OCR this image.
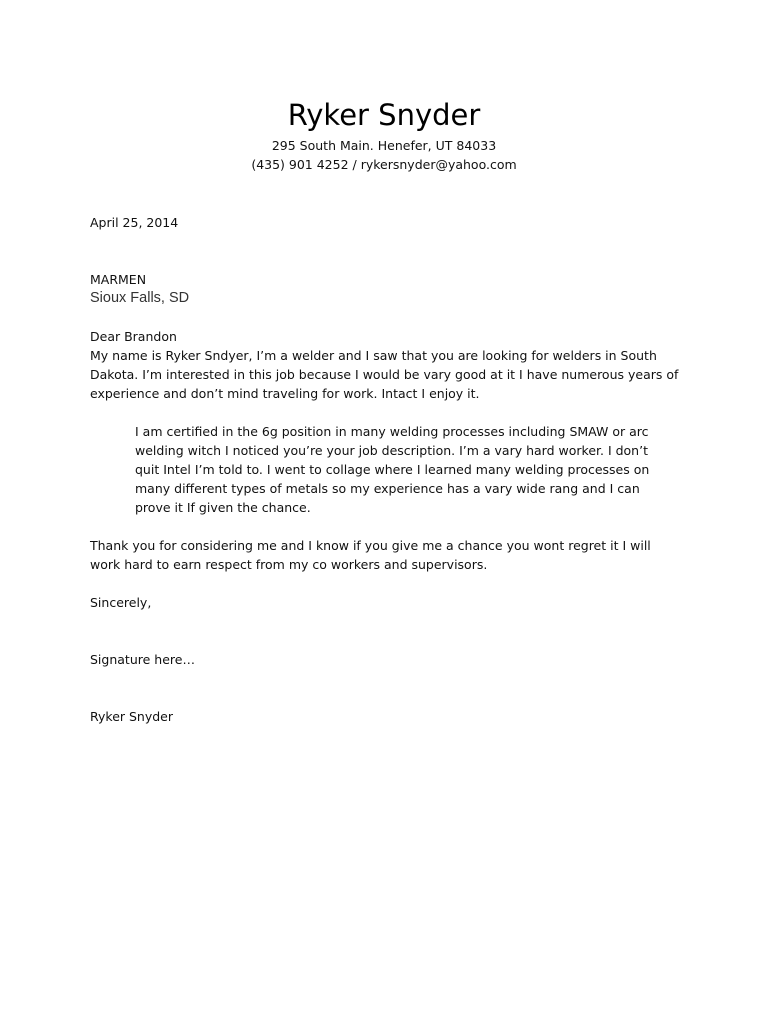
Ryker Snyder

295 South Main. Henefer, UT 84033

(435) 901 4252 / rykersnyder@yahoo.com

April 25, 2014

MARMEN

Sioux Falls, SD

Dear Brandon

My name is Ryker Sndyer, I’m a welder and I saw that you are looking for welders in South Dakota. I’m interested in this job because I would be vary good at it I have numerous years of experience and don’t mind traveling for work. Intact I enjoy it.

I am certified in the 6g position in many welding processes including SMAW or arc welding witch I noticed you’re your job description. I’m a vary hard worker. I don’t quit Intel I’m told to. I went to collage where I learned many welding processes on many different types of metals so my experience has a vary wide rang and I can prove it If given the chance.

Thank you for considering me and I know if you give me a chance you wont regret it I will work hard to earn respect from my co workers and supervisors.

Sincerely,

Signature here…

Ryker Snyder
